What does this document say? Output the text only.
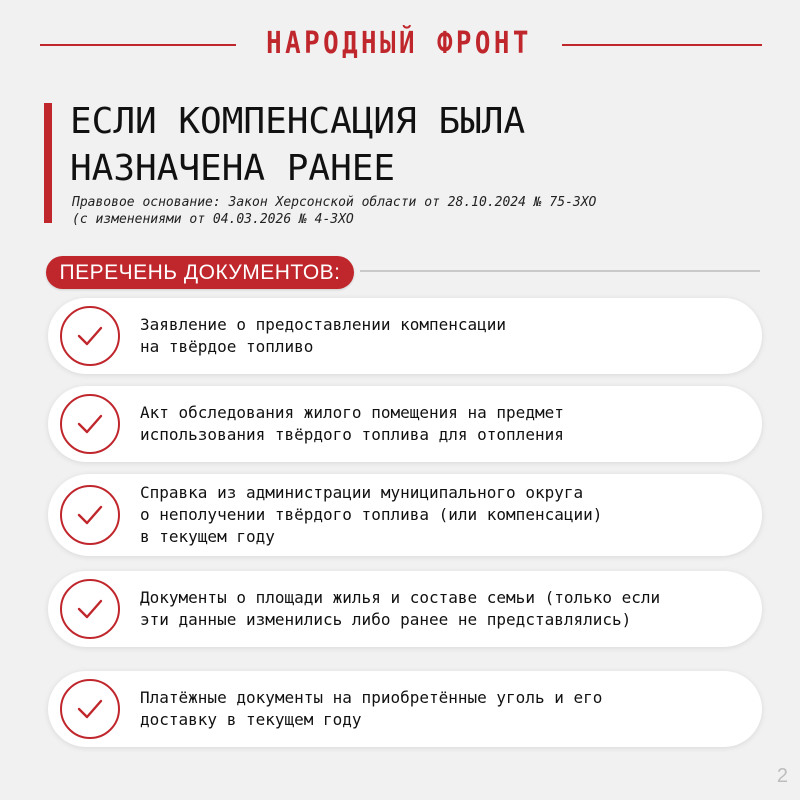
НАРОДНЫЙ ФРОНТ
ЕСЛИ КОМПЕНСАЦИЯ БЫЛА
НАЗНАЧЕНА РАНЕЕ
Правовое основание: Закон Херсонской области от 28.10.2024 № 75-ЗХО
(с изменениями от 04.03.2026 № 4-ЗХО
ПЕРЕЧЕНЬ ДОКУМЕНТОВ:
Заявление о предоставлении компенсации
на твёрдое топливо
Акт обследования жилого помещения на предмет
использования твёрдого топлива для отопления
Справка из администрации муниципального округа
о неполучении твёрдого топлива (или компенсации)
в текущем году
Документы о площади жилья и составе семьи (только если
эти данные изменились либо ранее не представлялись)
Платёжные документы на приобретённые уголь и его
доставку в текущем году
2
